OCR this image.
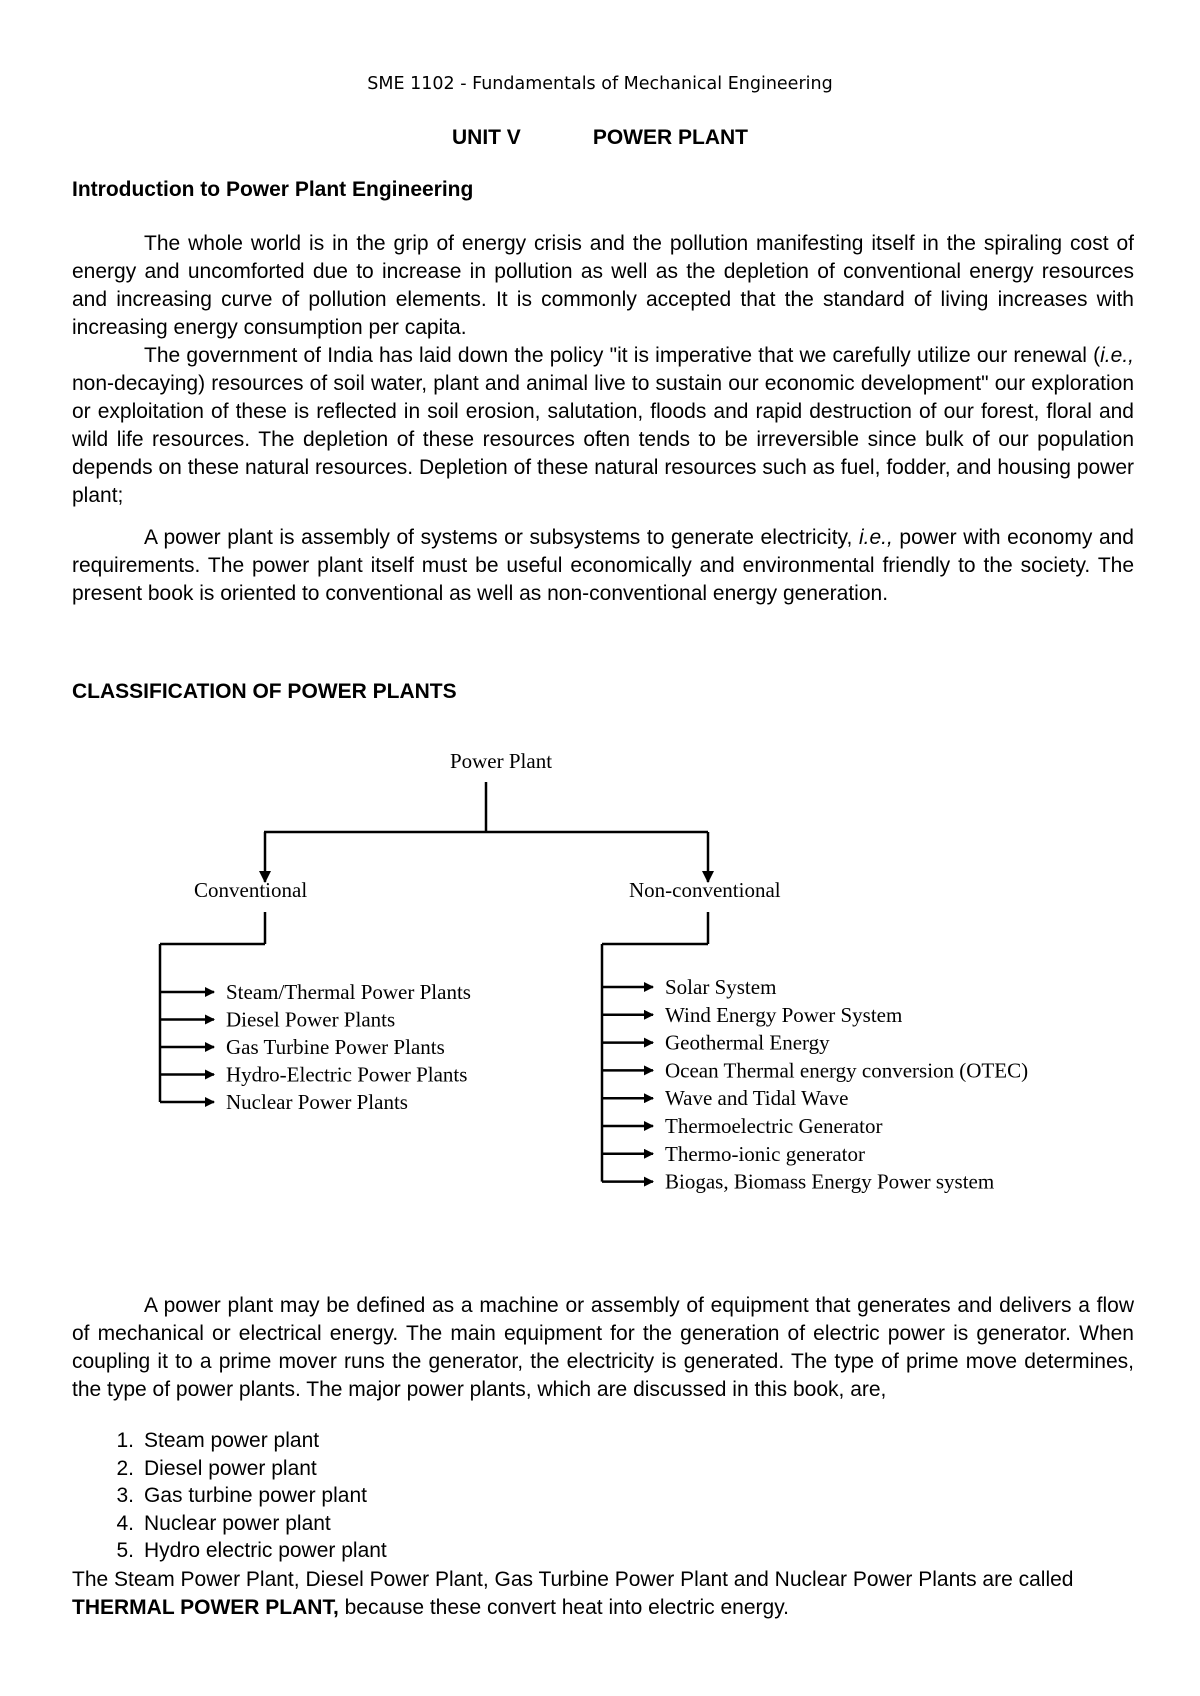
SME 1102 - Fundamentals of Mechanical Engineering
UNIT V	POWER PLANT
Introduction to Power Plant Engineering

The whole world is in the grip of energy crisis and the pollution manifesting itself in the spiraling cost of energy and uncomforted due to increase in pollution as well as the depletion of conventional energy resources and increasing curve of pollution elements. It is commonly accepted that the standard of living increases with increasing energy consumption per capita.

The government of India has laid down the policy "it is imperative that we carefully utilize our renewal (i.e., non-decaying) resources of soil water, plant and animal live to sustain our economic development" our exploration or exploitation of these is reflected in soil erosion, salutation, floods and rapid destruction of our forest, floral and wild life resources. The depletion of these resources often tends to be irreversible since bulk of our population depends on these natural resources. Depletion of these natural resources such as fuel, fodder, and housing power plant;

A power plant is assembly of systems or subsystems to generate electricity, i.e., power with economy and requirements. The power plant itself must be useful economically and environmental friendly to the society. The present book is oriented to conventional as well as non-conventional energy generation.

CLASSIFICATION OF POWER PLANTS
Power Plant
Conventional	Non-conventional
Steam/Thermal Power Plants
Diesel Power Plants
Gas Turbine Power Plants
Hydro-Electric Power Plants
Nuclear Power Plants
Solar System
Wind Energy Power System
Geothermal Energy
Ocean Thermal energy conversion (OTEC)
Wave and Tidal Wave
Thermoelectric Generator
Thermo-ionic generator
Biogas, Biomass Energy Power system

A power plant may be defined as a machine or assembly of equipment that generates and delivers a flow of mechanical or electrical energy. The main equipment for the generation of electric power is generator. When coupling it to a prime mover runs the generator, the electricity is generated. The type of prime move determines, the type of power plants. The major power plants, which are discussed in this book, are,

1. Steam power plant
2. Diesel power plant
3. Gas turbine power plant
4. Nuclear power plant
5. Hydro electric power plant

The Steam Power Plant, Diesel Power Plant, Gas Turbine Power Plant and Nuclear Power Plants are called THERMAL POWER PLANT, because these convert heat into electric energy.
